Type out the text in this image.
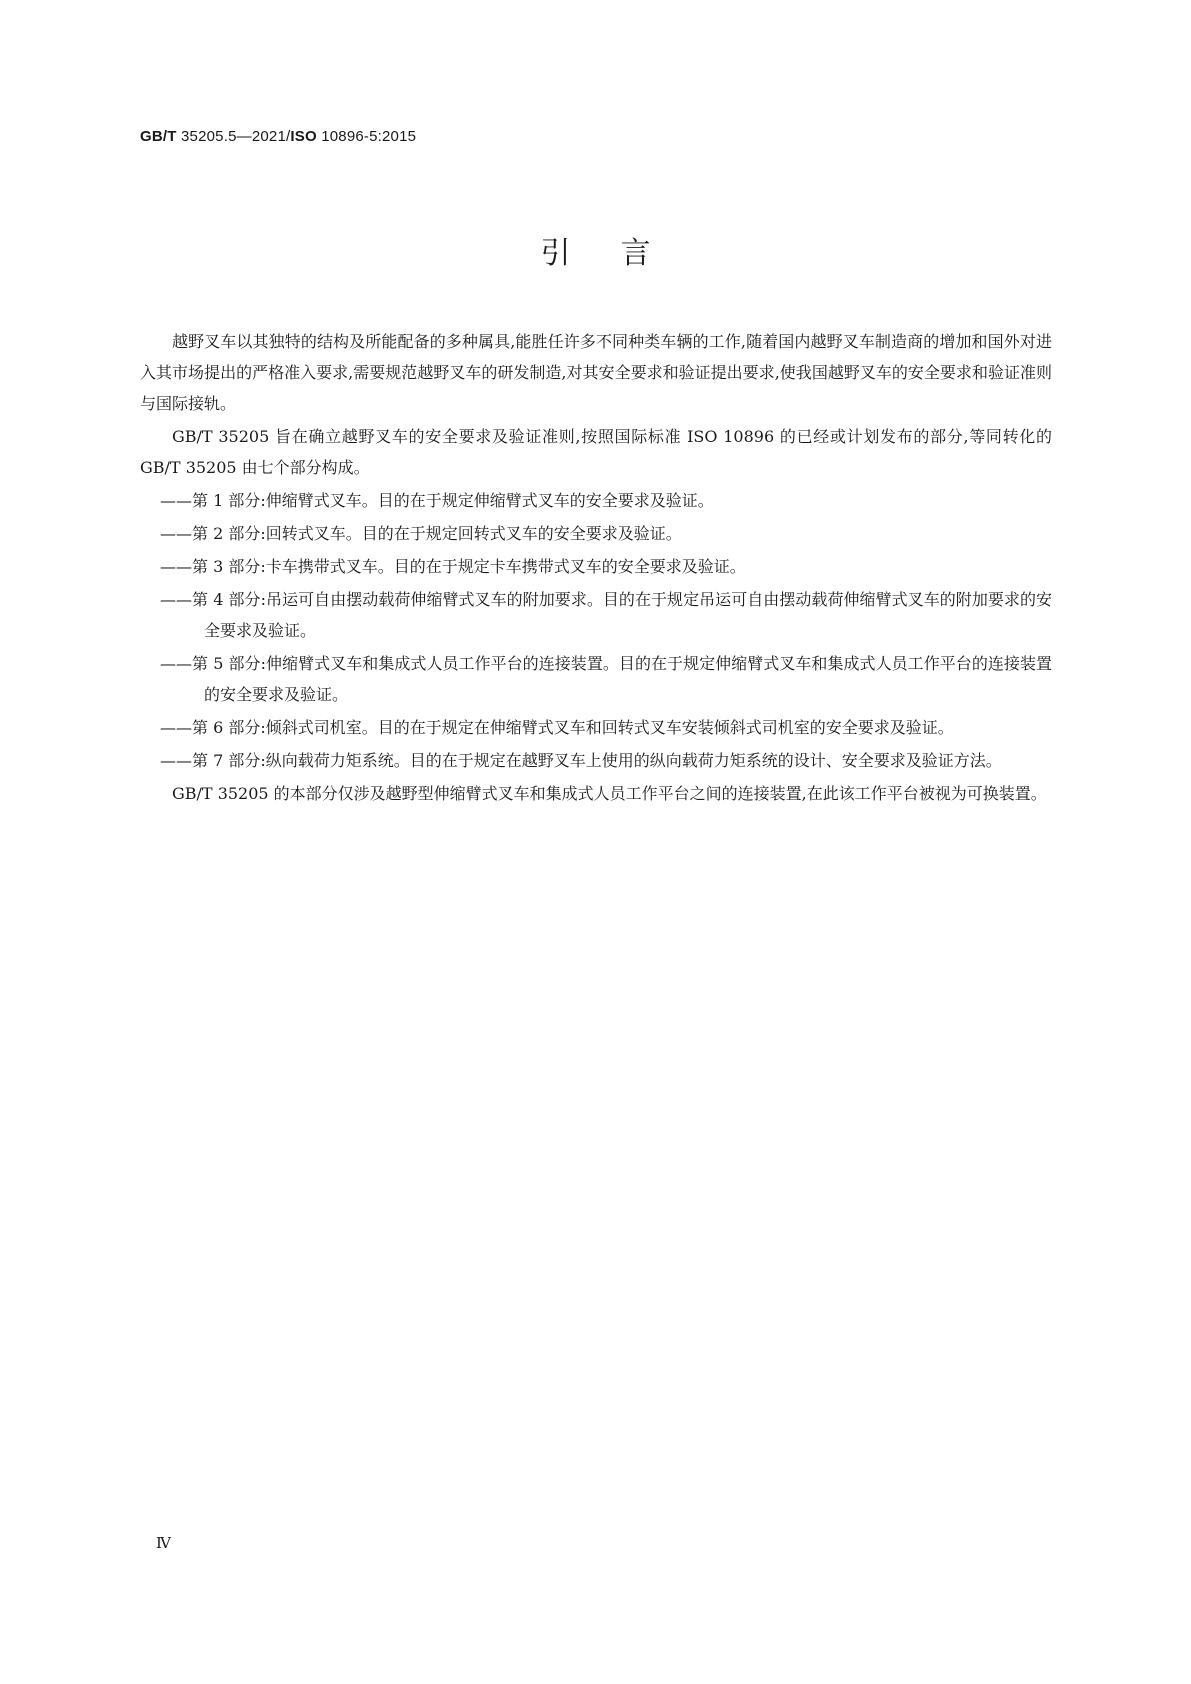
GB/T 35205.5—2021/ISO 10896-5:2015
引言

越野叉车以其独特的结构及所能配备的多种属具,能胜任许多不同种类车辆的工作,随着国内越野叉车制造商的增加和国外对进入其市场提出的严格准入要求,需要规范越野叉车的研发制造,对其安全要求和验证提出要求,使我国越野叉车的安全要求和验证准则与国际接轨。

GB/T 35205 旨在确立越野叉车的安全要求及验证准则,按照国际标准 ISO 10896 的已经或计划发布的部分,等同转化的 GB/T 35205 由七个部分构成。

——第 1 部分:伸缩臂式叉车。目的在于规定伸缩臂式叉车的安全要求及验证。
——第 2 部分:回转式叉车。目的在于规定回转式叉车的安全要求及验证。
——第 3 部分:卡车携带式叉车。目的在于规定卡车携带式叉车的安全要求及验证。
——第 4 部分:吊运可自由摆动载荷伸缩臂式叉车的附加要求。目的在于规定吊运可自由摆动载荷伸缩臂式叉车的附加要求的安全要求及验证。
——第 5 部分:伸缩臂式叉车和集成式人员工作平台的连接装置。目的在于规定伸缩臂式叉车和集成式人员工作平台的连接装置的安全要求及验证。
——第 6 部分:倾斜式司机室。目的在于规定在伸缩臂式叉车和回转式叉车安装倾斜式司机室的安全要求及验证。
——第 7 部分:纵向载荷力矩系统。目的在于规定在越野叉车上使用的纵向载荷力矩系统的设计、安全要求及验证方法。

GB/T 35205 的本部分仅涉及越野型伸缩臂式叉车和集成式人员工作平台之间的连接装置,在此该工作平台被视为可换装置。

Ⅳ
